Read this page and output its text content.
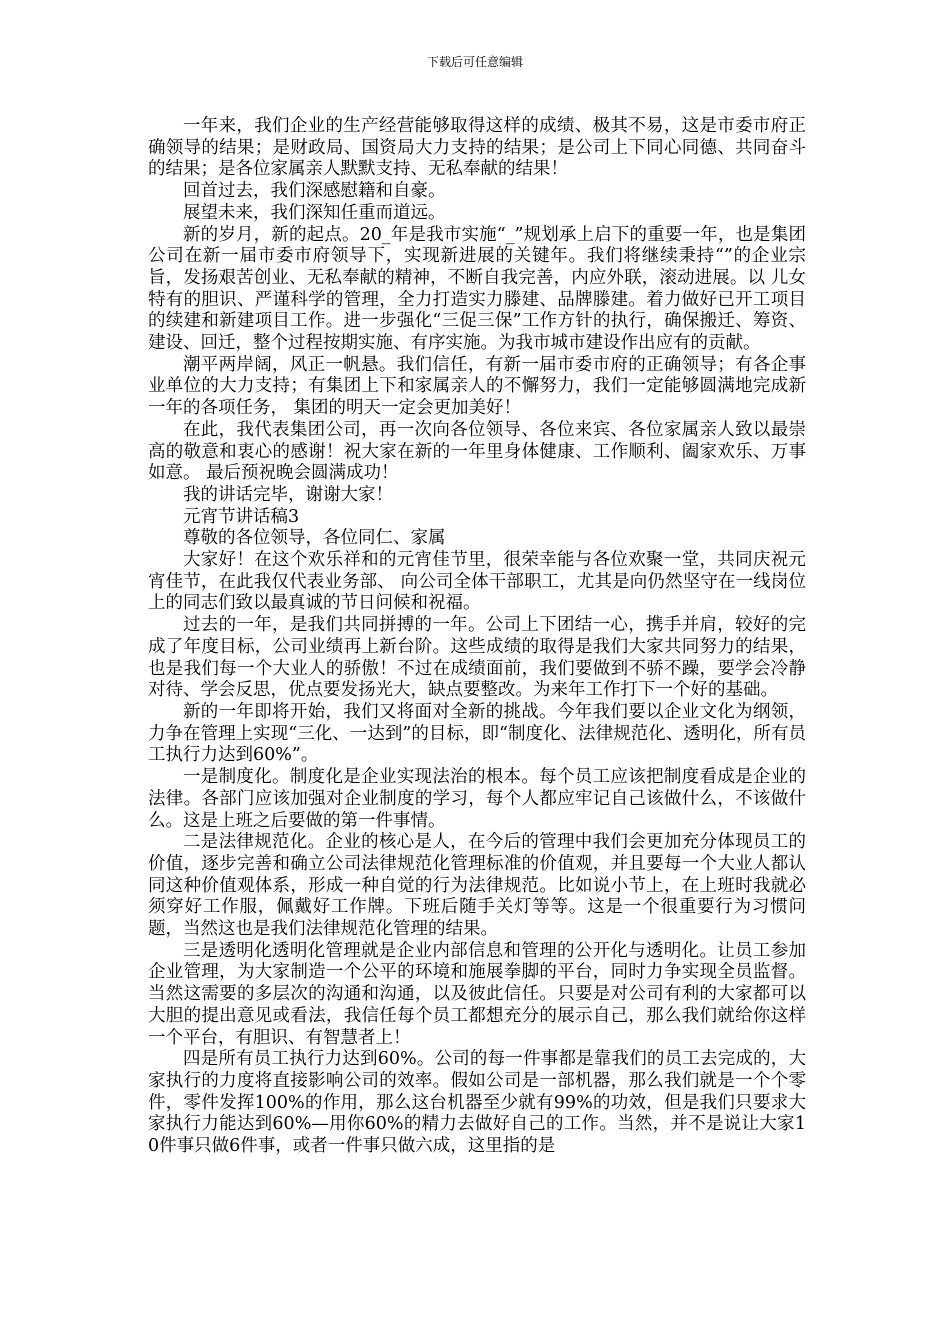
下载后可任意编辑

一年来，我们企业的生产经营能够取得这样的成绩、极其不易，这是市委市府正确领导的结果；是财政局、国资局大力支持的结果；是公司上下同心同德、共同奋斗的结果；是各位家属亲人默默支持、无私奉献的结果！

回首过去，我们深感慰籍和自豪。

展望未来，我们深知任重而道远。

新的岁月，新的起点。20_年是我市实施“_”规划承上启下的重要一年，也是集团公司在新一届市委市府领导下，实现新进展的关键年。我们将继续秉持“”的企业宗旨，发扬艰苦创业、无私奉献的精神，不断自我完善，内应外联，滚动进展。以 儿女特有的胆识、严谨科学的管理，全力打造实力滕建、品牌滕建。着力做好已开工项目的续建和新建项目工作。进一步强化“三促三保”工作方针的执行，确保搬迁、筹资、建设、回迁，整个过程按期实施、有序实施。为我市城市建设作出应有的贡献。

潮平两岸阔，风正一帆悬。我们信任，有新一届市委市府的正确领导；有各企事业单位的大力支持；有集团上下和家属亲人的不懈努力，我们一定能够圆满地完成新一年的各项任务， 集团的明天一定会更加美好！

在此，我代表集团公司，再一次向各位领导、各位来宾、各位家属亲人致以最崇高的敬意和衷心的感谢！祝大家在新的一年里身体健康、工作顺利、阖家欢乐、万事如意。 最后预祝晚会圆满成功！

我的讲话完毕，谢谢大家！

元宵节讲话稿3

尊敬的各位领导，各位同仁、家属

大家好！在这个欢乐祥和的元宵佳节里，很荣幸能与各位欢聚一堂，共同庆祝元宵佳节，在此我仅代表业务部、 向公司全体干部职工，尤其是向仍然坚守在一线岗位上的同志们致以最真诚的节日问候和祝福。

过去的一年，是我们共同拼搏的一年。公司上下团结一心，携手并肩，较好的完成了年度目标，公司业绩再上新台阶。这些成绩的取得是我们大家共同努力的结果，也是我们每一个大业人的骄傲！不过在成绩面前，我们要做到不骄不躁，要学会冷静对待、学会反思，优点要发扬光大，缺点要整改。为来年工作打下一个好的基础。

新的一年即将开始，我们又将面对全新的挑战。今年我们要以企业文化为纲领，力争在管理上实现“三化、一达到”的目标，即“制度化、法律规范化、透明化，所有员工执行力达到60%”。

一是制度化。制度化是企业实现法治的根本。每个员工应该把制度看成是企业的法律。各部门应该加强对企业制度的学习，每个人都应牢记自己该做什么，不该做什么。这是上班之后要做的第一件事情。

二是法律规范化。企业的核心是人，在今后的管理中我们会更加充分体现员工的价值，逐步完善和确立公司法律规范化管理标准的价值观，并且要每一个大业人都认同这种价值观体系，形成一种自觉的行为法律规范。比如说小节上，在上班时我就必须穿好工作服，佩戴好工作牌。下班后随手关灯等等。这是一个很重要行为习惯问题，当然这也是我们法律规范化管理的结果。

三是透明化透明化管理就是企业内部信息和管理的公开化与透明化。让员工参加企业管理，为大家制造一个公平的环境和施展拳脚的平台，同时力争实现全员监督。当然这需要的多层次的沟通和沟通，以及彼此信任。只要是对公司有利的大家都可以大胆的提出意见或看法，我信任每个员工都想充分的展示自己，那么我们就给你这样一个平台，有胆识、有智慧者上！

四是所有员工执行力达到60%。公司的每一件事都是靠我们的员工去完成的，大家执行的力度将直接影响公司的效率。假如公司是一部机器，那么我们就是一个个零件，零件发挥100%的作用，那么这台机器至少就有99%的功效，但是我们只要求大家执行力能达到60%—用你60%的精力去做好自己的工作。当然，并不是说让大家10件事只做6件事，或者一件事只做六成，这里指的是
